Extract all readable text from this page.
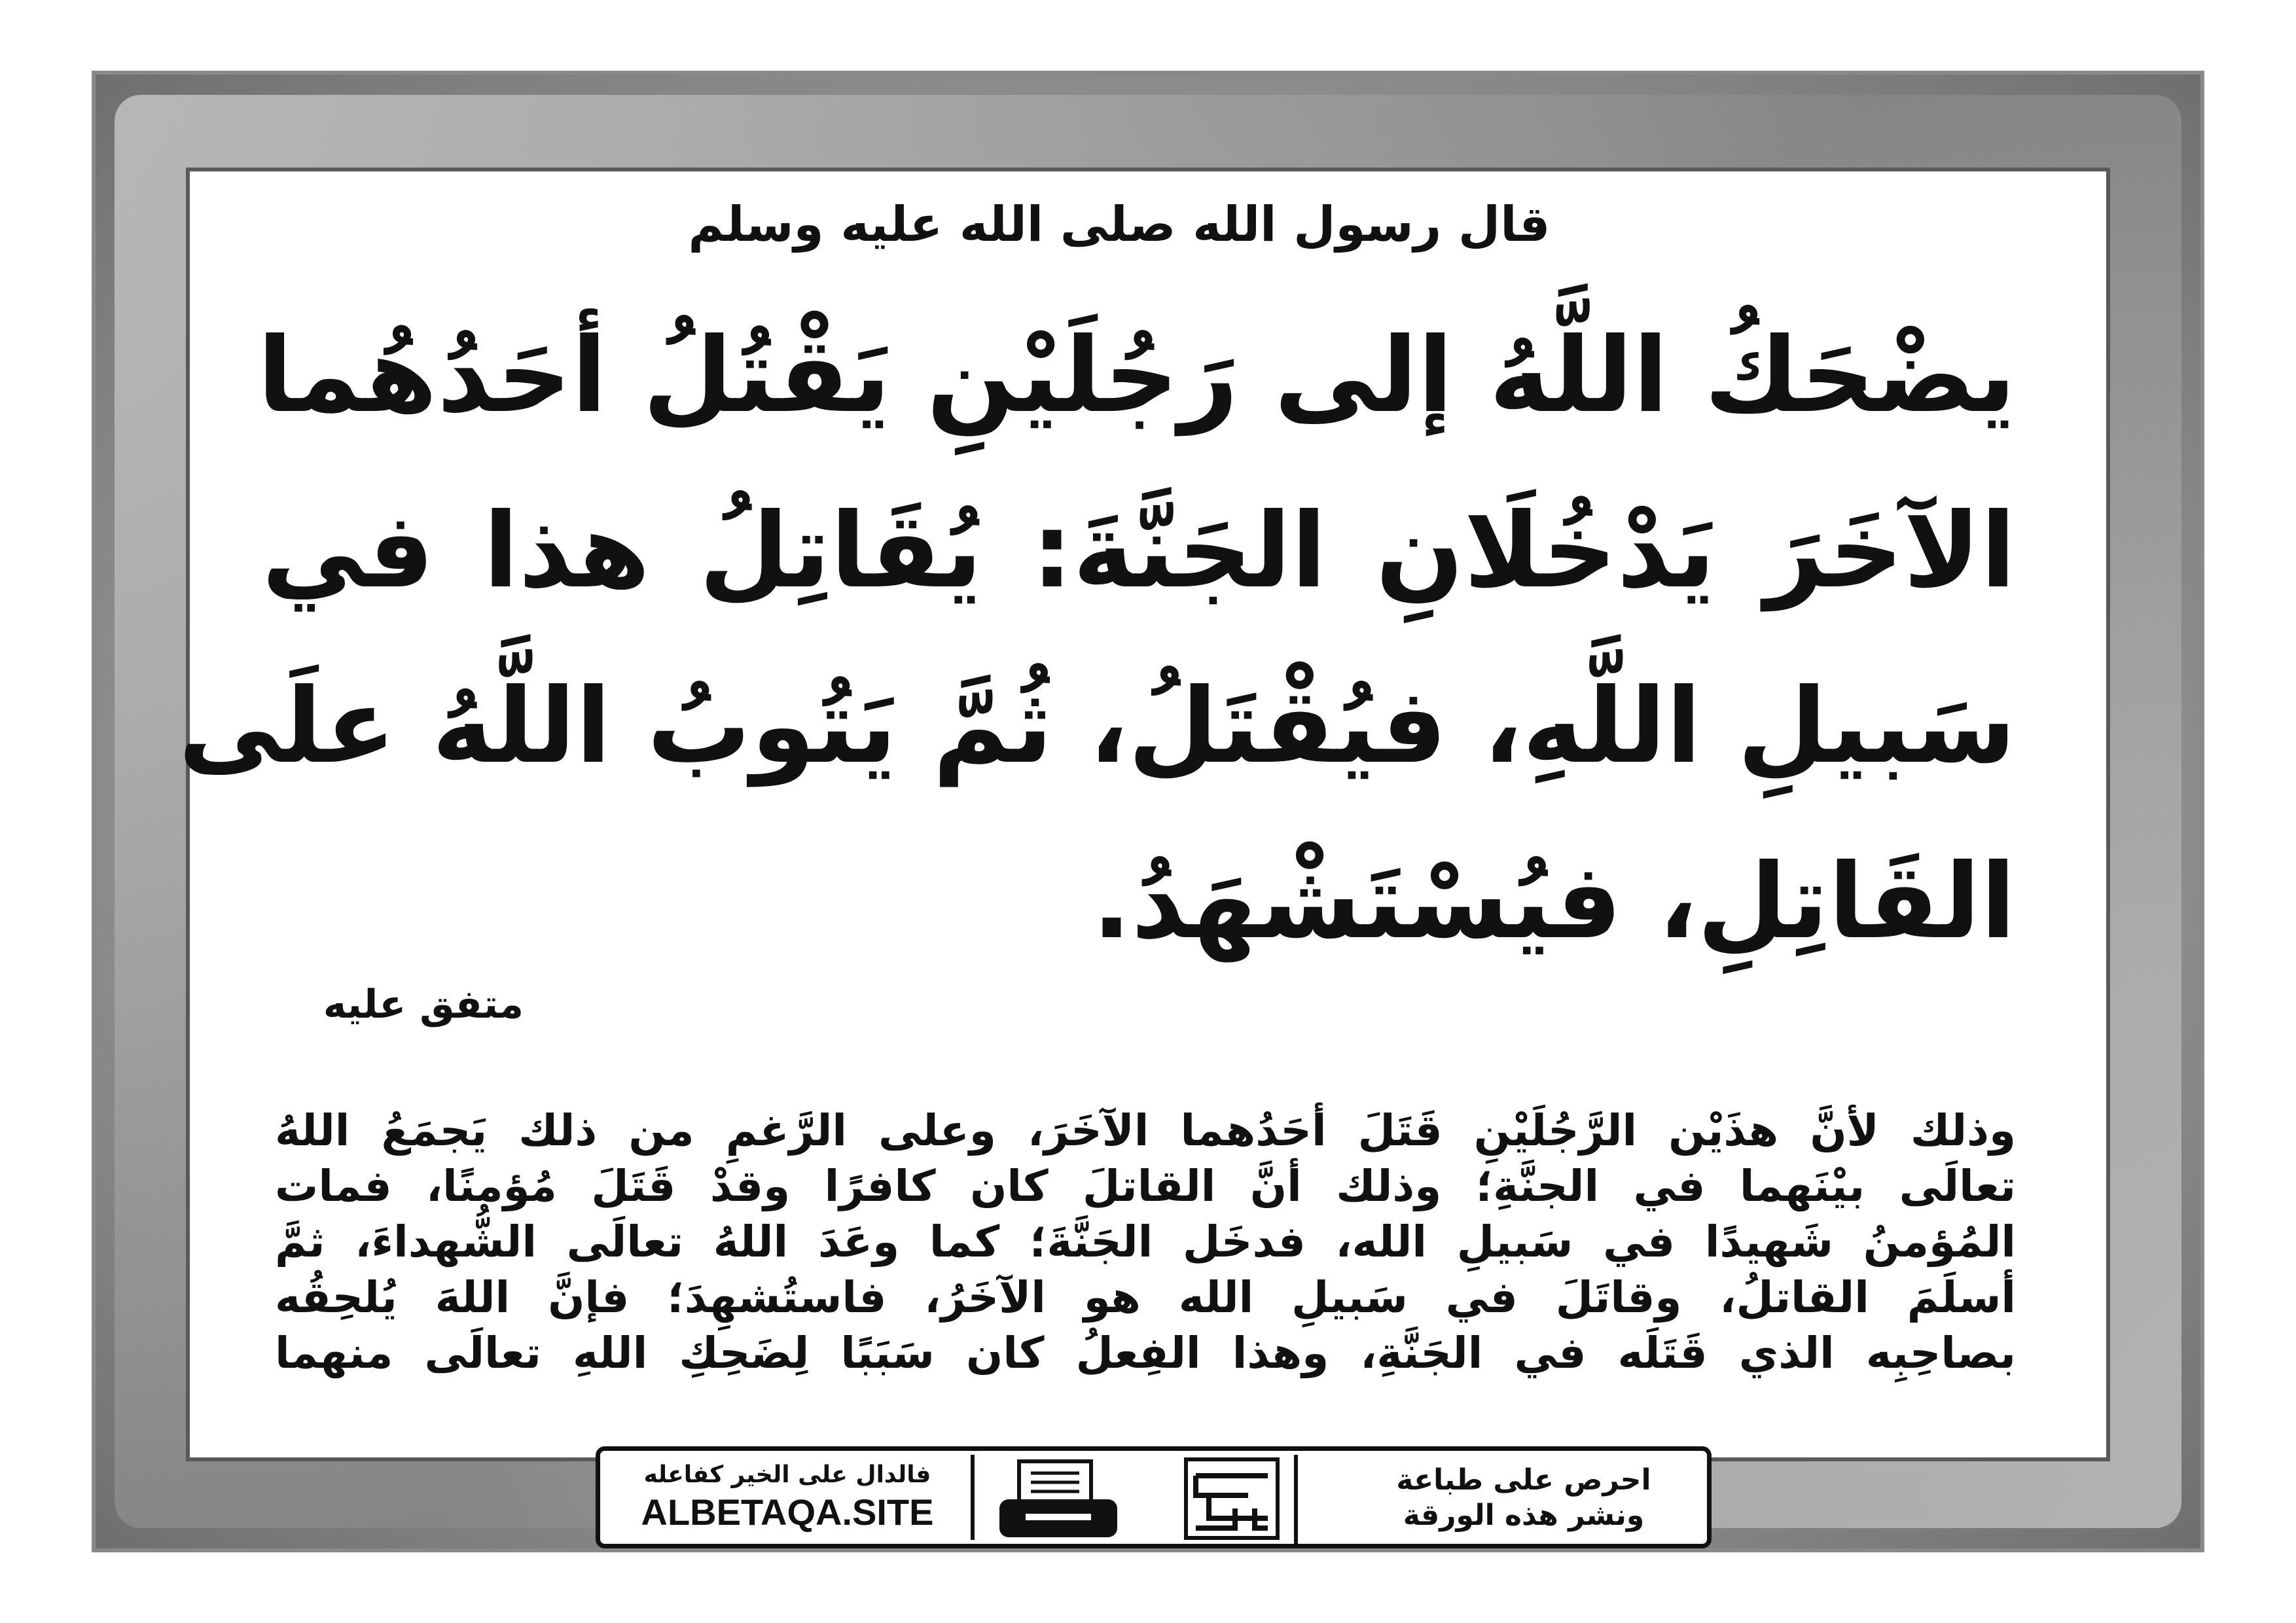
قال رسول الله صلى الله عليه وسلم
يضْحَكُ اللَّهُ إلى رَجُلَيْنِ يَقْتُلُ أحَدُهُما
الآخَرَ يَدْخُلَانِ الجَنَّةَ: يُقَاتِلُ هذا في
سَبيلِ اللَّهِ، فيُقْتَلُ، ثُمَّ يَتُوبُ اللَّهُ علَى
القَاتِلِ، فيُسْتَشْهَدُ.
متفق عليه
وذلك لأنَّ هذَيْن الرَّجُلَيْنِ قَتَلَ أحَدُهما الآخَرَ، وعلى الرَّغمِ من ذلك يَجمَعُ اللهُ
تعالَى بيْنَهما في الجنَّةِ؛ وذلك أنَّ القاتلَ كان كافرًا وقدْ قَتَلَ مُؤمنًا، فمات
المُؤمنُ شَهيدًا في سَبيلِ الله، فدخَل الجَنَّةَ؛ كما وعَدَ اللهُ تعالَى الشُّهداءَ، ثمَّ
أسلَمَ القاتلُ، وقاتَلَ في سَبيلِ الله هو الآخَرُ، فاستُشهِدَ؛ فإنَّ اللهَ يُلحِقُه
بصاحِبِه الذي قَتَلَه في الجَنَّةِ، وهذا الفِعلُ كان سَبَبًا لِضَحِكِ اللهِ تعالَى منهما
فالدال على الخير كفاعله
ALBETAQA.SITE
احرص على طباعة
ونشر هذه الورقة
